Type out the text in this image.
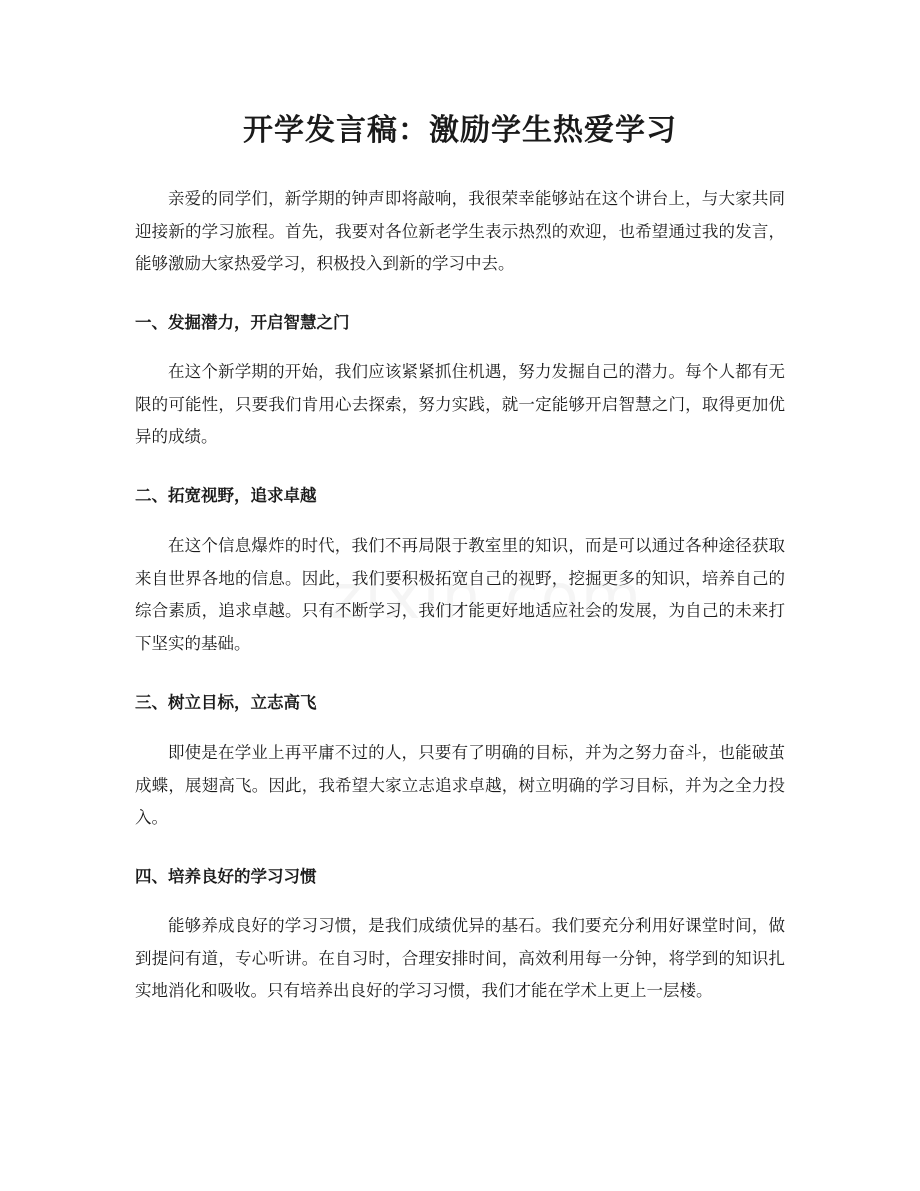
开学发言稿：激励学生热爱学习

亲爱的同学们，新学期的钟声即将敲响，我很荣幸能够站在这个讲台上，与大家共同迎接新的学习旅程。首先，我要对各位新老学生表示热烈的欢迎，也希望通过我的发言，能够激励大家热爱学习，积极投入到新的学习中去。

一、发掘潜力，开启智慧之门

在这个新学期的开始，我们应该紧紧抓住机遇，努力发掘自己的潜力。每个人都有无限的可能性，只要我们肯用心去探索，努力实践，就一定能够开启智慧之门，取得更加优异的成绩。

二、拓宽视野，追求卓越

在这个信息爆炸的时代，我们不再局限于教室里的知识，而是可以通过各种途径获取来自世界各地的信息。因此，我们要积极拓宽自己的视野，挖掘更多的知识，培养自己的综合素质，追求卓越。只有不断学习，我们才能更好地适应社会的发展，为自己的未来打下坚实的基础。

三、树立目标，立志高飞

即使是在学业上再平庸不过的人，只要有了明确的目标，并为之努力奋斗，也能破茧成蝶，展翅高飞。因此，我希望大家立志追求卓越，树立明确的学习目标，并为之全力投入。

四、培养良好的学习习惯

能够养成良好的学习习惯，是我们成绩优异的基石。我们要充分利用好课堂时间，做到提问有道，专心听讲。在自习时，合理安排时间，高效利用每一分钟，将学到的知识扎实地消化和吸收。只有培养出良好的学习习惯，我们才能在学术上更上一层楼。
